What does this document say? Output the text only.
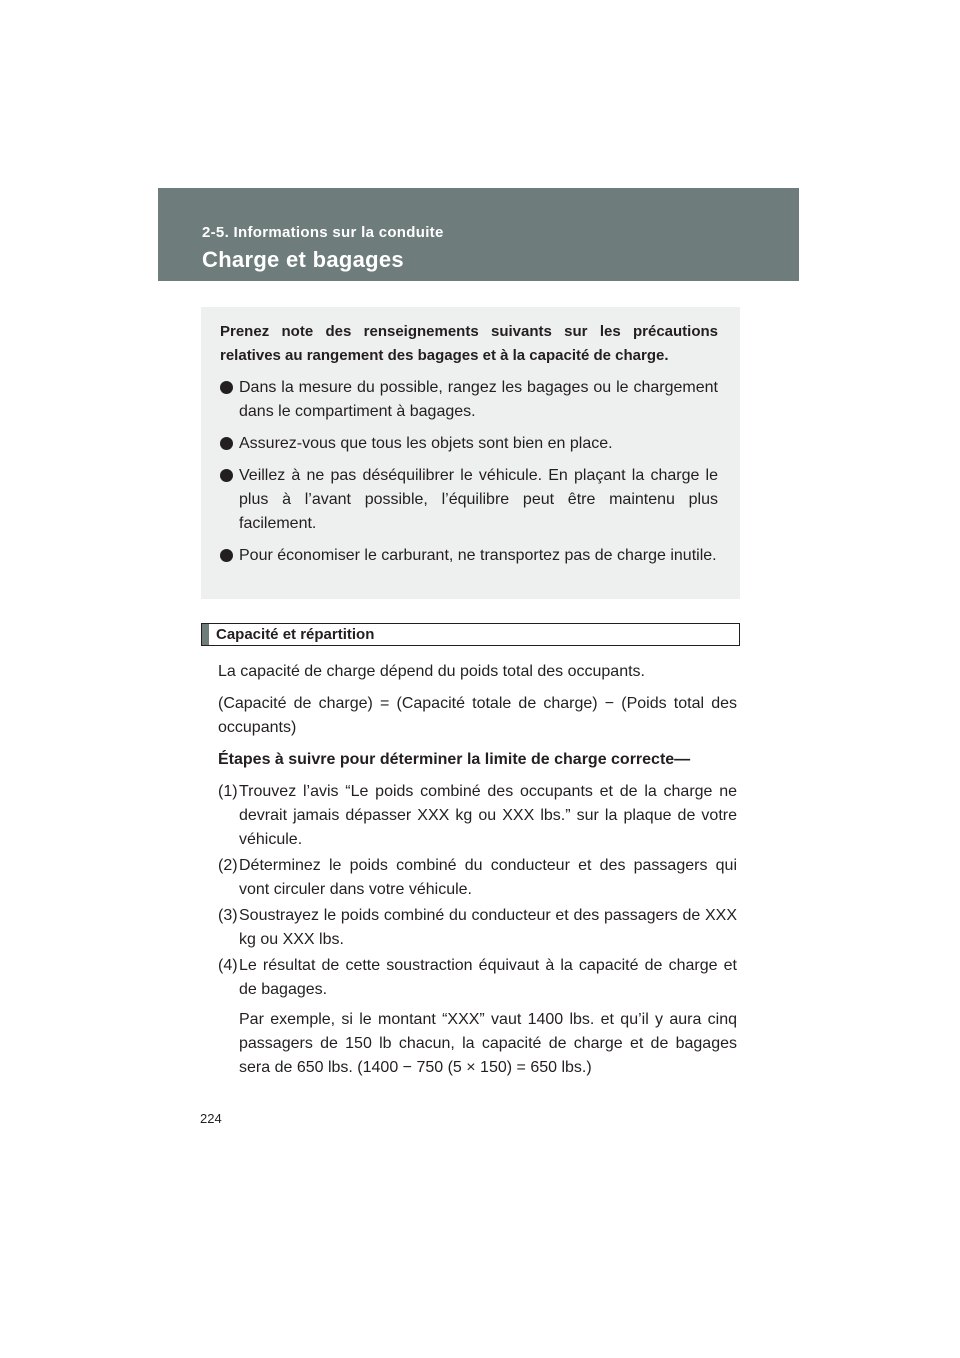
2-5. Informations sur la conduite
Charge et bagages

Prenez note des renseignements suivants sur les précautions relatives au rangement des bagages et à la capacité de charge.

Dans la mesure du possible, rangez les bagages ou le chargement dans le compartiment à bagages.
Assurez-vous que tous les objets sont bien en place.
Veillez à ne pas déséquilibrer le véhicule. En plaçant la charge le plus à l’avant possible, l’équilibre peut être maintenu plus facilement.
Pour économiser le carburant, ne transportez pas de charge inutile.
Capacité et répartition

La capacité de charge dépend du poids total des occupants.

(Capacité de charge) = (Capacité totale de charge) − (Poids total des occupants)

Étapes à suivre pour déterminer la limite de charge correcte—

(1) Trouvez l’avis “Le poids combiné des occupants et de la charge ne devrait jamais dépasser XXX kg ou XXX lbs.” sur la plaque de votre véhicule.
(2) Déterminez le poids combiné du conducteur et des passagers qui vont circuler dans votre véhicule.
(3) Soustrayez le poids combiné du conducteur et des passagers de XXX kg ou XXX lbs.
(4) Le résultat de cette soustraction équivaut à la capacité de charge et de bagages.
Par exemple, si le montant “XXX” vaut 1400 lbs. et qu’il y aura cinq passagers de 150 lb chacun, la capacité de charge et de bagages sera de 650 lbs. (1400 − 750 (5 × 150) = 650 lbs.)
224
